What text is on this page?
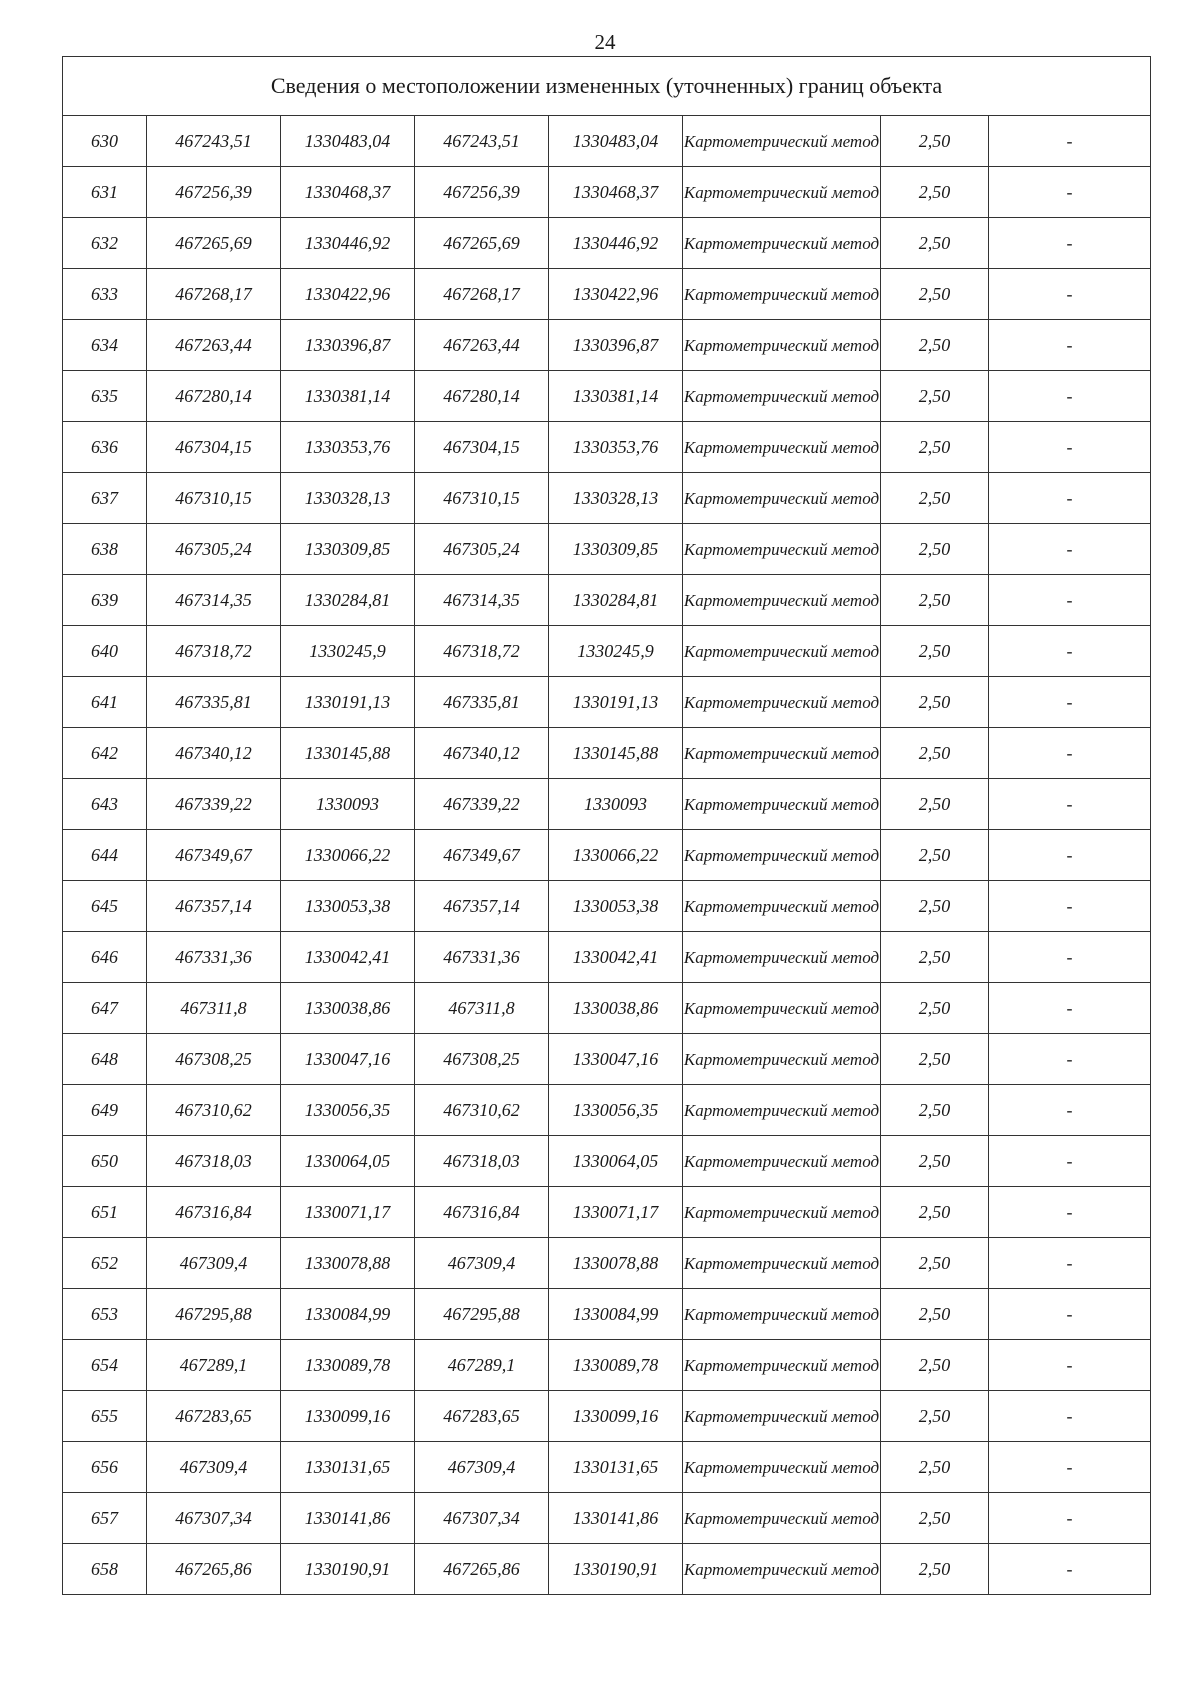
24
Сведения о местоположении измененных (уточненных) границ объекта							
630	467243,51	1330483,04	467243,51	1330483,04	Картометрический метод	2,50	-
631	467256,39	1330468,37	467256,39	1330468,37	Картометрический метод	2,50	-
632	467265,69	1330446,92	467265,69	1330446,92	Картометрический метод	2,50	-
633	467268,17	1330422,96	467268,17	1330422,96	Картометрический метод	2,50	-
634	467263,44	1330396,87	467263,44	1330396,87	Картометрический метод	2,50	-
635	467280,14	1330381,14	467280,14	1330381,14	Картометрический метод	2,50	-
636	467304,15	1330353,76	467304,15	1330353,76	Картометрический метод	2,50	-
637	467310,15	1330328,13	467310,15	1330328,13	Картометрический метод	2,50	-
638	467305,24	1330309,85	467305,24	1330309,85	Картометрический метод	2,50	-
639	467314,35	1330284,81	467314,35	1330284,81	Картометрический метод	2,50	-
640	467318,72	1330245,9	467318,72	1330245,9	Картометрический метод	2,50	-
641	467335,81	1330191,13	467335,81	1330191,13	Картометрический метод	2,50	-
642	467340,12	1330145,88	467340,12	1330145,88	Картометрический метод	2,50	-
643	467339,22	1330093	467339,22	1330093	Картометрический метод	2,50	-
644	467349,67	1330066,22	467349,67	1330066,22	Картометрический метод	2,50	-
645	467357,14	1330053,38	467357,14	1330053,38	Картометрический метод	2,50	-
646	467331,36	1330042,41	467331,36	1330042,41	Картометрический метод	2,50	-
647	467311,8	1330038,86	467311,8	1330038,86	Картометрический метод	2,50	-
648	467308,25	1330047,16	467308,25	1330047,16	Картометрический метод	2,50	-
649	467310,62	1330056,35	467310,62	1330056,35	Картометрический метод	2,50	-
650	467318,03	1330064,05	467318,03	1330064,05	Картометрический метод	2,50	-
651	467316,84	1330071,17	467316,84	1330071,17	Картометрический метод	2,50	-
652	467309,4	1330078,88	467309,4	1330078,88	Картометрический метод	2,50	-
653	467295,88	1330084,99	467295,88	1330084,99	Картометрический метод	2,50	-
654	467289,1	1330089,78	467289,1	1330089,78	Картометрический метод	2,50	-
655	467283,65	1330099,16	467283,65	1330099,16	Картометрический метод	2,50	-
656	467309,4	1330131,65	467309,4	1330131,65	Картометрический метод	2,50	-
657	467307,34	1330141,86	467307,34	1330141,86	Картометрический метод	2,50	-
658	467265,86	1330190,91	467265,86	1330190,91	Картометрический метод	2,50	-
